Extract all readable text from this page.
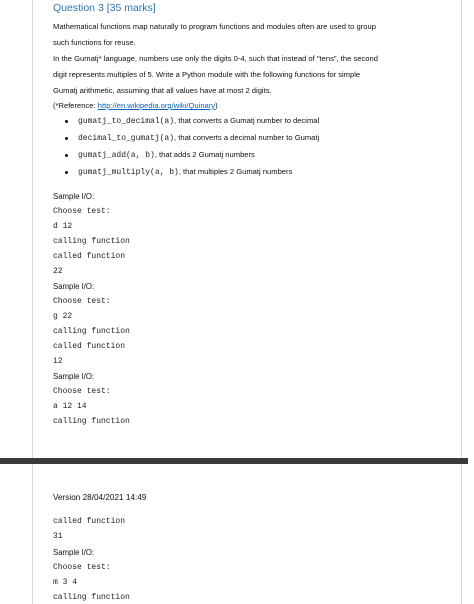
Question 3 [35 marks]
Mathematical functions map naturally to program functions and modules often are used to group
such functions for reuse.
In the Gumatj* language, numbers use only the digits 0-4, such that instead of "tens", the second
digit represents multiples of 5. Write a Python module with the following functions for simple
Gumatj arithmetic, assuming that all values have at most 2 digits.
(*Reference: http://en.wikipedia.org/wiki/Quinary)
gumatj_to_decimal(a), that converts a Gumatj number to decimal
decimal_to_gumatj(a), that converts a decimal number to Gumatj
gumatj_add(a, b), that adds 2 Gumatj numbers
gumatj_multiply(a, b), that multiples 2 Gumatj numbers
Sample I/O:
Choose test:
d 12
calling function
called function
22
Sample I/O:
Choose test:
g 22
calling function
called function
12
Sample I/O:
Choose test:
a 12 14
calling function
Version 28/04/2021 14:49
called function
31
Sample I/O:
Choose test:
m 3 4
calling function
